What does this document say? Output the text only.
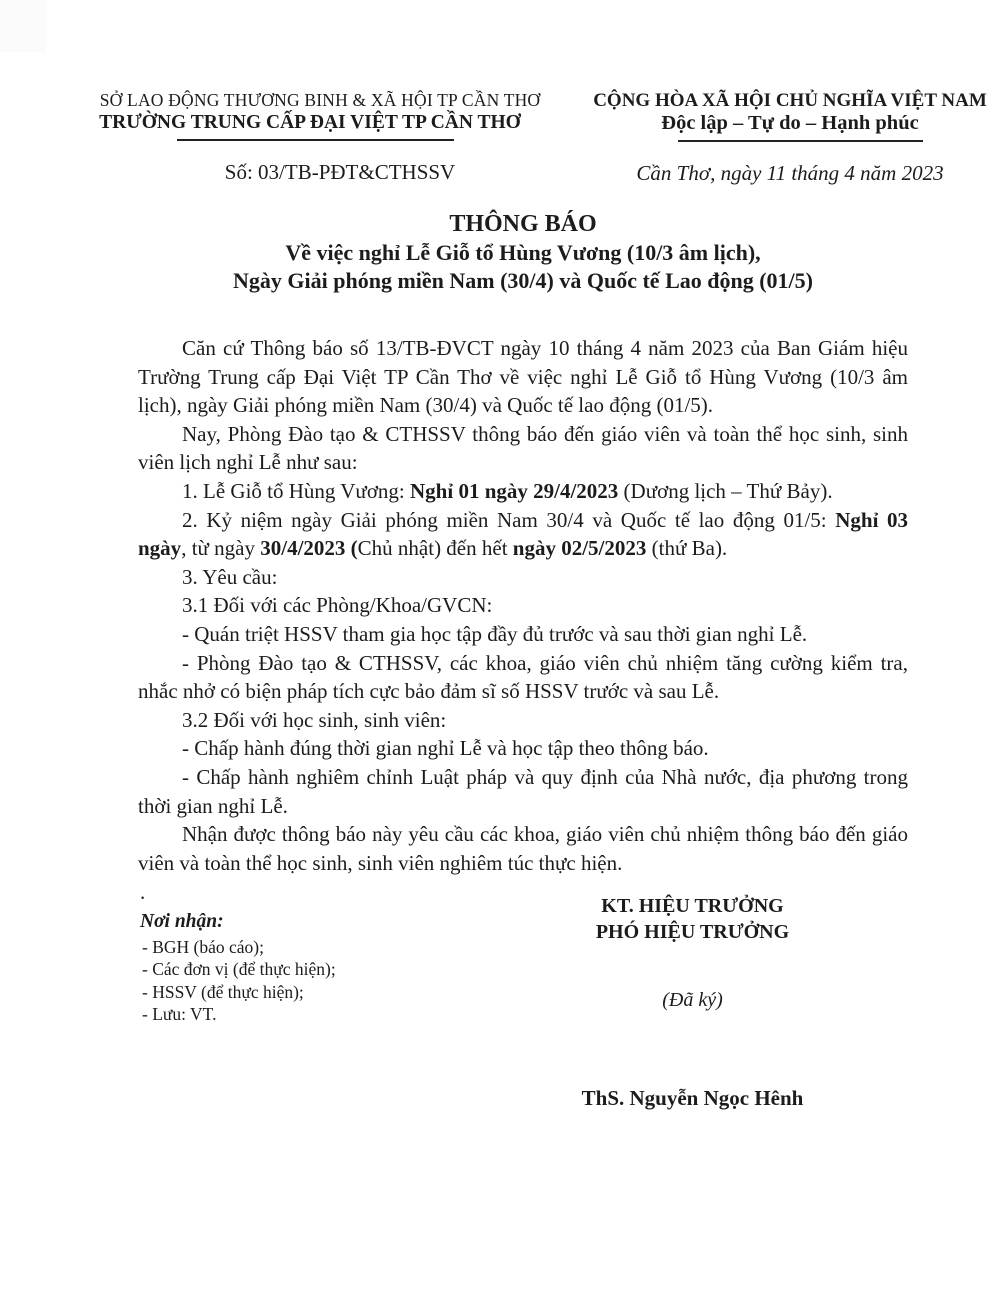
SỞ LAO ĐỘNG THƯƠNG BINH & XÃ HỘI TP CẦN THƠ
TRƯỜNG TRUNG CẤP ĐẠI VIỆT TP CẦN THƠ
Số: 03/TB-PĐT&CTHSSV
CỘNG HÒA XÃ HỘI CHỦ NGHĨA VIỆT NAM
Độc lập – Tự do – Hạnh phúc
Cần Thơ, ngày 11 tháng 4 năm 2023
THÔNG BÁO
Về việc nghỉ Lễ Giỗ tổ Hùng Vương (10/3 âm lịch),
Ngày Giải phóng miền Nam (30/4) và Quốc tế Lao động (01/5)

Căn cứ Thông báo số 13/TB-ĐVCT ngày 10 tháng 4 năm 2023 của Ban Giám hiệu Trường Trung cấp Đại Việt TP Cần Thơ về việc nghỉ Lễ Giỗ tổ Hùng Vương (10/3 âm lịch), ngày Giải phóng miền Nam (30/4) và Quốc tế lao động (01/5).

Nay, Phòng Đào tạo & CTHSSV thông báo đến giáo viên và toàn thể học sinh, sinh viên lịch nghỉ Lễ như sau:

1. Lễ Giỗ tổ Hùng Vương: Nghỉ 01 ngày 29/4/2023 (Dương lịch – Thứ Bảy).

2. Kỷ niệm ngày Giải phóng miền Nam 30/4 và Quốc tế lao động 01/5: Nghỉ 03 ngày, từ ngày 30/4/2023 (Chủ nhật) đến hết ngày 02/5/2023 (thứ Ba).

3. Yêu cầu:

3.1 Đối với các Phòng/Khoa/GVCN:

- Quán triệt HSSV tham gia học tập đầy đủ trước và sau thời gian nghỉ Lễ.

- Phòng Đào tạo & CTHSSV, các khoa, giáo viên chủ nhiệm tăng cường kiểm tra, nhắc nhở có biện pháp tích cực bảo đảm sĩ số HSSV trước và sau Lễ.

3.2 Đối với học sinh, sinh viên:

- Chấp hành đúng thời gian nghỉ Lễ và học tập theo thông báo.

- Chấp hành nghiêm chỉnh Luật pháp và quy định của Nhà nước, địa phương trong thời gian nghỉ Lễ.

Nhận được thông báo này yêu cầu các khoa, giáo viên chủ nhiệm thông báo đến giáo viên và toàn thể học sinh, sinh viên nghiêm túc thực hiện.

.
Nơi nhận:
- BGH (báo cáo);
- Các đơn vị (để thực hiện);
- HSSV (để thực hiện);
- Lưu: VT.
KT. HIỆU TRƯỞNG
PHÓ HIỆU TRƯỞNG
(Đã ký)
ThS. Nguyễn Ngọc Hênh
